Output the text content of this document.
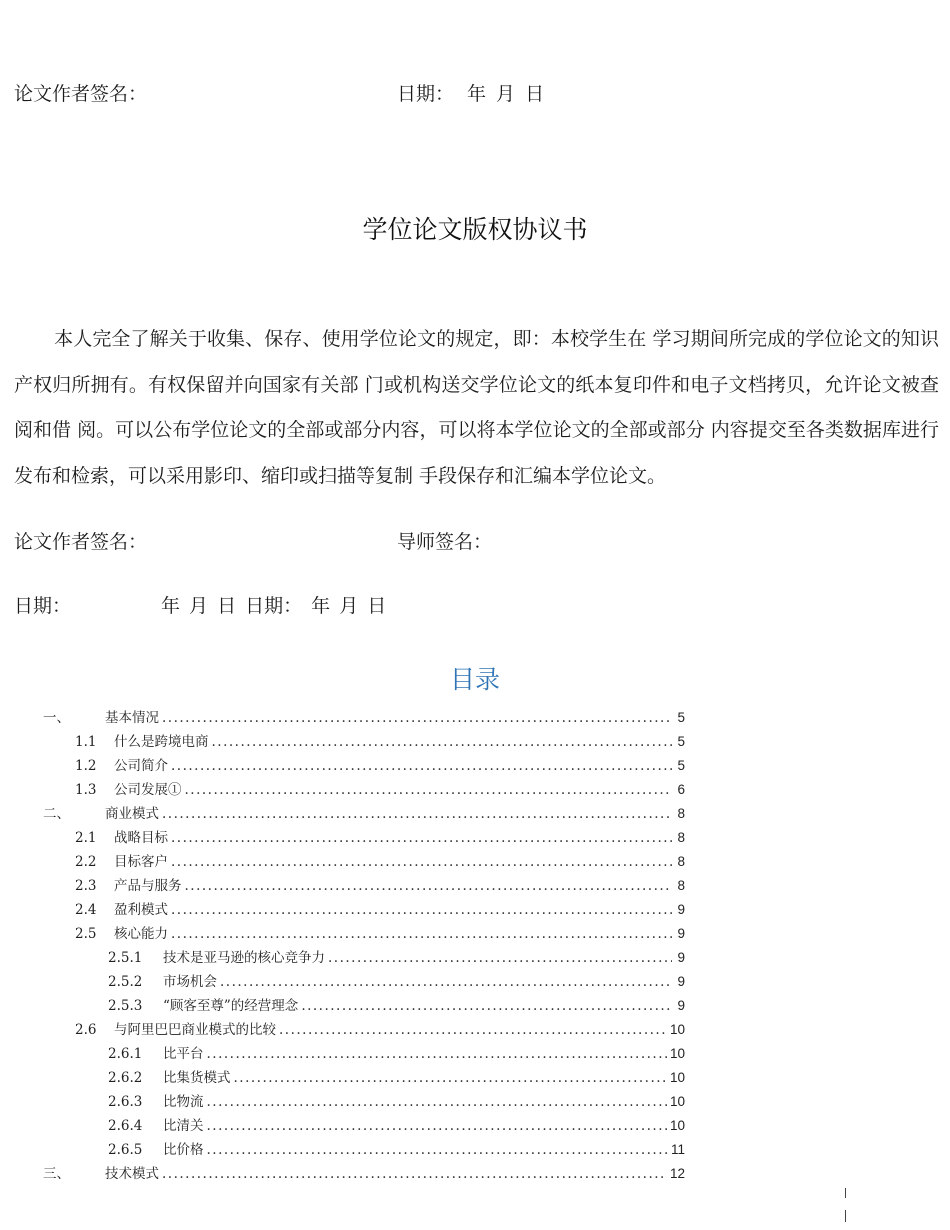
论文作者签名：	日期： 年 月 日
学位论文版权协议书
本人完全了解关于收集、保存、使用学位论文的规定，即：本校学生在 学习期间所完成的学位论文的知识产权归所拥有。有权保留并向国家有关部 门或机构送交学位论文的纸本复印件和电子文档拷贝，允许论文被查阅和借 阅。可以公布学位论文的全部或部分内容，可以将本学位论文的全部或部分 内容提交至各类数据库进行发布和检索，可以采用影印、缩印或扫描等复制 手段保存和汇编本学位论文。
论文作者签名：	导师签名：
日期：	年 月 日 日期： 年 月 日
目录
一、	基本情况 .....	5
1.1	什么是跨境电商 .....	5
1.2	公司简介 .....	5
1.3	公司发展① .....	6
二、	商业模式 .....	8
2.1	战略目标 .....	8
2.2	目标客户 .....	8
2.3	产品与服务 .....	8
2.4	盈利模式 .....	9
2.5	核心能力 .....	9
2.5.1	技术是亚马逊的核心竞争力 .....	9
2.5.2	市场机会 .....	9
2.5.3	“顾客至尊”的经营理念 .....	9
2.6	与阿里巴巴商业模式的比较 .....	10
2.6.1	比平台 .....	10
2.6.2	比集货模式 .....	10
2.6.3	比物流 .....	10
2.6.4	比清关 .....	10
2.6.5	比价格 .....	11
三、	技术模式 .....	12
